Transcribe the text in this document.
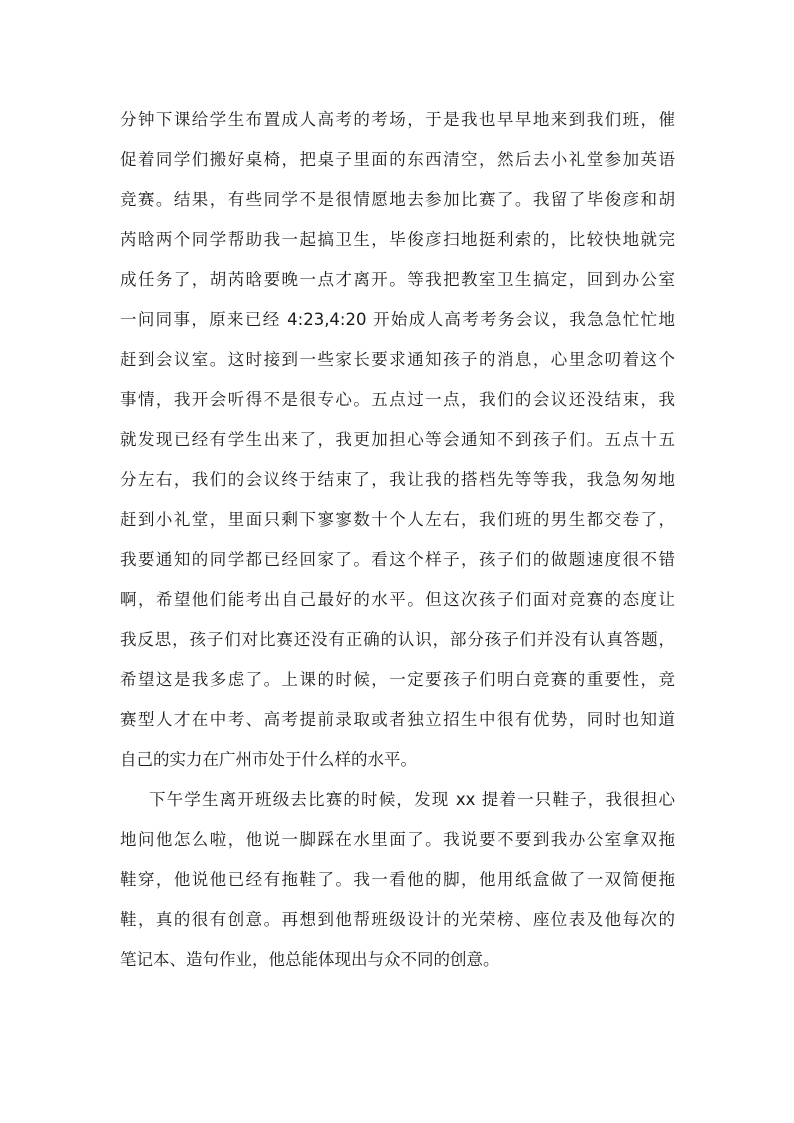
分钟下课给学生布置成人高考的考场，于是我也早早地来到我们班，催

促着同学们搬好桌椅，把桌子里面的东西清空，然后去小礼堂参加英语

竞赛。结果，有些同学不是很情愿地去参加比赛了。我留了毕俊彦和胡

芮晗两个同学帮助我一起搞卫生，毕俊彦扫地挺利索的，比较快地就完

成任务了，胡芮晗要晚一点才离开。等我把教室卫生搞定，回到办公室

一问同事，原来已经 4:23,4:20 开始成人高考考务会议，我急急忙忙地

赶到会议室。这时接到一些家长要求通知孩子的消息，心里念叨着这个

事情，我开会听得不是很专心。五点过一点，我们的会议还没结束，我

就发现已经有学生出来了，我更加担心等会通知不到孩子们。五点十五

分左右，我们的会议终于结束了，我让我的搭档先等等我，我急匆匆地

赶到小礼堂，里面只剩下寥寥数十个人左右，我们班的男生都交卷了，

我要通知的同学都已经回家了。看这个样子，孩子们的做题速度很不错

啊，希望他们能考出自己最好的水平。但这次孩子们面对竞赛的态度让

我反思，孩子们对比赛还没有正确的认识，部分孩子们并没有认真答题，

希望这是我多虑了。上课的时候，一定要孩子们明白竞赛的重要性，竞

赛型人才在中考、高考提前录取或者独立招生中很有优势，同时也知道

自己的实力在广州市处于什么样的水平。

下午学生离开班级去比赛的时候，发现 xx 提着一只鞋子，我很担心

地问他怎么啦，他说一脚踩在水里面了。我说要不要到我办公室拿双拖

鞋穿，他说他已经有拖鞋了。我一看他的脚，他用纸盒做了一双简便拖

鞋，真的很有创意。再想到他帮班级设计的光荣榜、座位表及他每次的

笔记本、造句作业，他总能体现出与众不同的创意。
